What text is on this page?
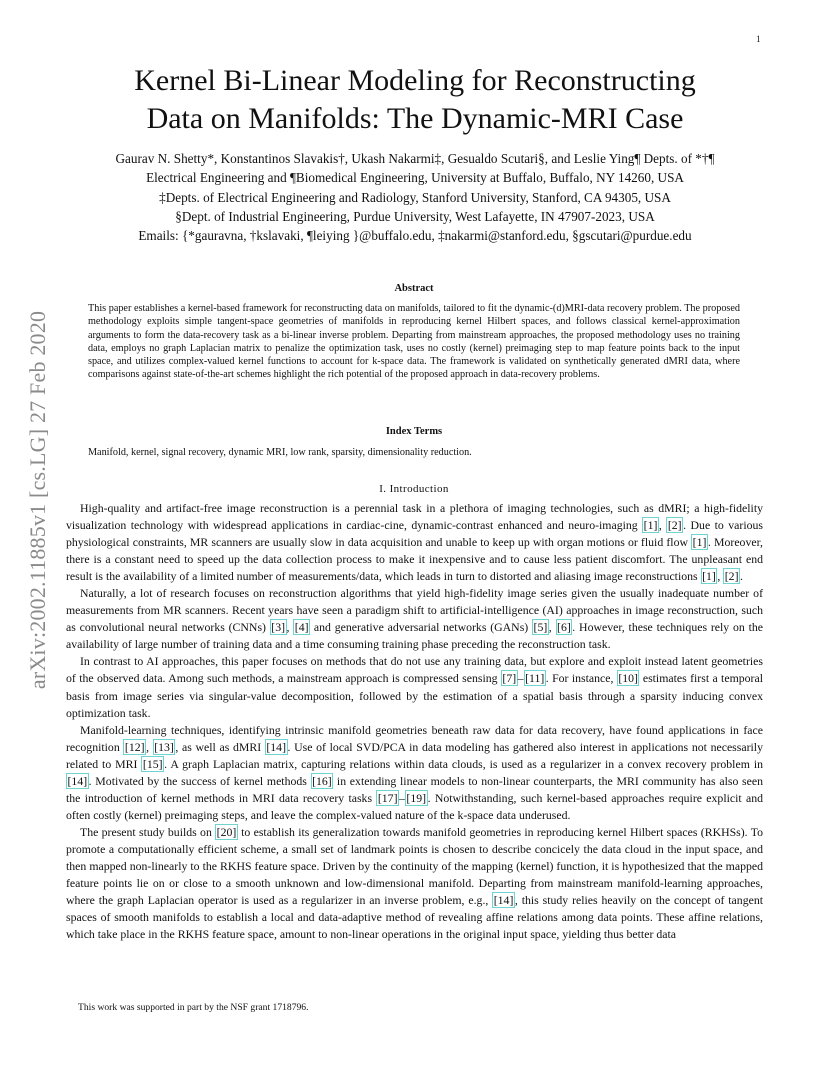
1
arXiv:2002.11885v1 [cs.LG] 27 Feb 2020
Kernel Bi-Linear Modeling for Reconstructing
Data on Manifolds: The Dynamic-MRI Case
Gaurav N. Shetty*, Konstantinos Slavakis†, Ukash Nakarmi‡, Gesualdo Scutari§, and Leslie Ying¶ Depts. of *†¶
Electrical Engineering and ¶Biomedical Engineering, University at Buffalo, Buffalo, NY 14260, USA
‡Depts. of Electrical Engineering and Radiology, Stanford University, Stanford, CA 94305, USA
§Dept. of Industrial Engineering, Purdue University, West Lafayette, IN 47907-2023, USA
Emails: {*gauravna, †kslavaki, ¶leiying }@buffalo.edu, ‡nakarmi@stanford.edu, §gscutari@purdue.edu
Abstract
This paper establishes a kernel-based framework for reconstructing data on manifolds, tailored to fit the dynamic-(d)MRI-data recovery problem. The proposed methodology exploits simple tangent-space geometries of manifolds in reproducing kernel Hilbert spaces, and follows classical kernel-approximation arguments to form the data-recovery task as a bi-linear inverse problem. Departing from mainstream approaches, the proposed methodology uses no training data, employs no graph Laplacian matrix to penalize the optimization task, uses no costly (kernel) preimaging step to map feature points back to the input space, and utilizes complex-valued kernel functions to account for k-space data. The framework is validated on synthetically generated dMRI data, where comparisons against state-of-the-art schemes highlight the rich potential of the proposed approach in data-recovery problems.
Index Terms
Manifold, kernel, signal recovery, dynamic MRI, low rank, sparsity, dimensionality reduction.
I. Introduction

High-quality and artifact-free image reconstruction is a perennial task in a plethora of imaging technologies, such as dMRI; a high-fidelity visualization technology with widespread applications in cardiac-cine, dynamic-contrast enhanced and neuro-imaging [1] , [2] . Due to various physiological constraints, MR scanners are usually slow in data acquisition and unable to keep up with organ motions or fluid flow [1] . Moreover, there is a constant need to speed up the data collection process to make it inexpensive and to cause less patient discomfort. The unpleasant end result is the availability of a limited number of measurements/data, which leads in turn to distorted and aliasing image reconstructions [1] , [2] .

Naturally, a lot of research focuses on reconstruction algorithms that yield high-fidelity image series given the usually inadequate number of measurements from MR scanners. Recent years have seen a paradigm shift to artificial-intelligence (AI) approaches in image reconstruction, such as convolutional neural networks (CNNs) [3] , [4] and generative adversarial networks (GANs) [5] , [6] . However, these techniques rely on the availability of large number of training data and a time consuming training phase preceding the reconstruction task.

In contrast to AI approaches, this paper focuses on methods that do not use any training data, but explore and exploit instead latent geometries of the observed data. Among such methods, a mainstream approach is compressed sensing [7] – [11] . For instance, [10] estimates first a temporal basis from image series via singular-value decomposition, followed by the estimation of a spatial basis through a sparsity inducing convex optimization task.

Manifold-learning techniques, identifying intrinsic manifold geometries beneath raw data for data recovery, have found applications in face recognition [12] , [13] , as well as dMRI [14] . Use of local SVD/PCA in data modeling has gathered also interest in applications not necessarily related to MRI [15] . A graph Laplacian matrix, capturing relations within data clouds, is used as a regularizer in a convex recovery problem in [14] . Motivated by the success of kernel methods [16] in extending linear models to non-linear counterparts, the MRI community has also seen the introduction of kernel methods in MRI data recovery tasks [17] – [19] . Notwithstanding, such kernel-based approaches require explicit and often costly (kernel) preimaging steps, and leave the complex-valued nature of the k-space data underused.

The present study builds on [20] to establish its generalization towards manifold geometries in reproducing kernel Hilbert spaces (RKHSs). To promote a computationally efficient scheme, a small set of landmark points is chosen to describe concicely the data cloud in the input space, and then mapped non-linearly to the RKHS feature space. Driven by the continuity of the mapping (kernel) function, it is hypothesized that the mapped feature points lie on or close to a smooth unknown and low-dimensional manifold. Departing from mainstream manifold-learning approaches, where the graph Laplacian operator is used as a regularizer in an inverse problem, e.g., [14] , this study relies heavily on the concept of tangent spaces of smooth manifolds to establish a local and data-adaptive method of revealing affine relations among data points. These affine relations, which take place in the RKHS feature space, amount to non-linear operations in the original input space, yielding thus better data

This work was supported in part by the NSF grant 1718796.
